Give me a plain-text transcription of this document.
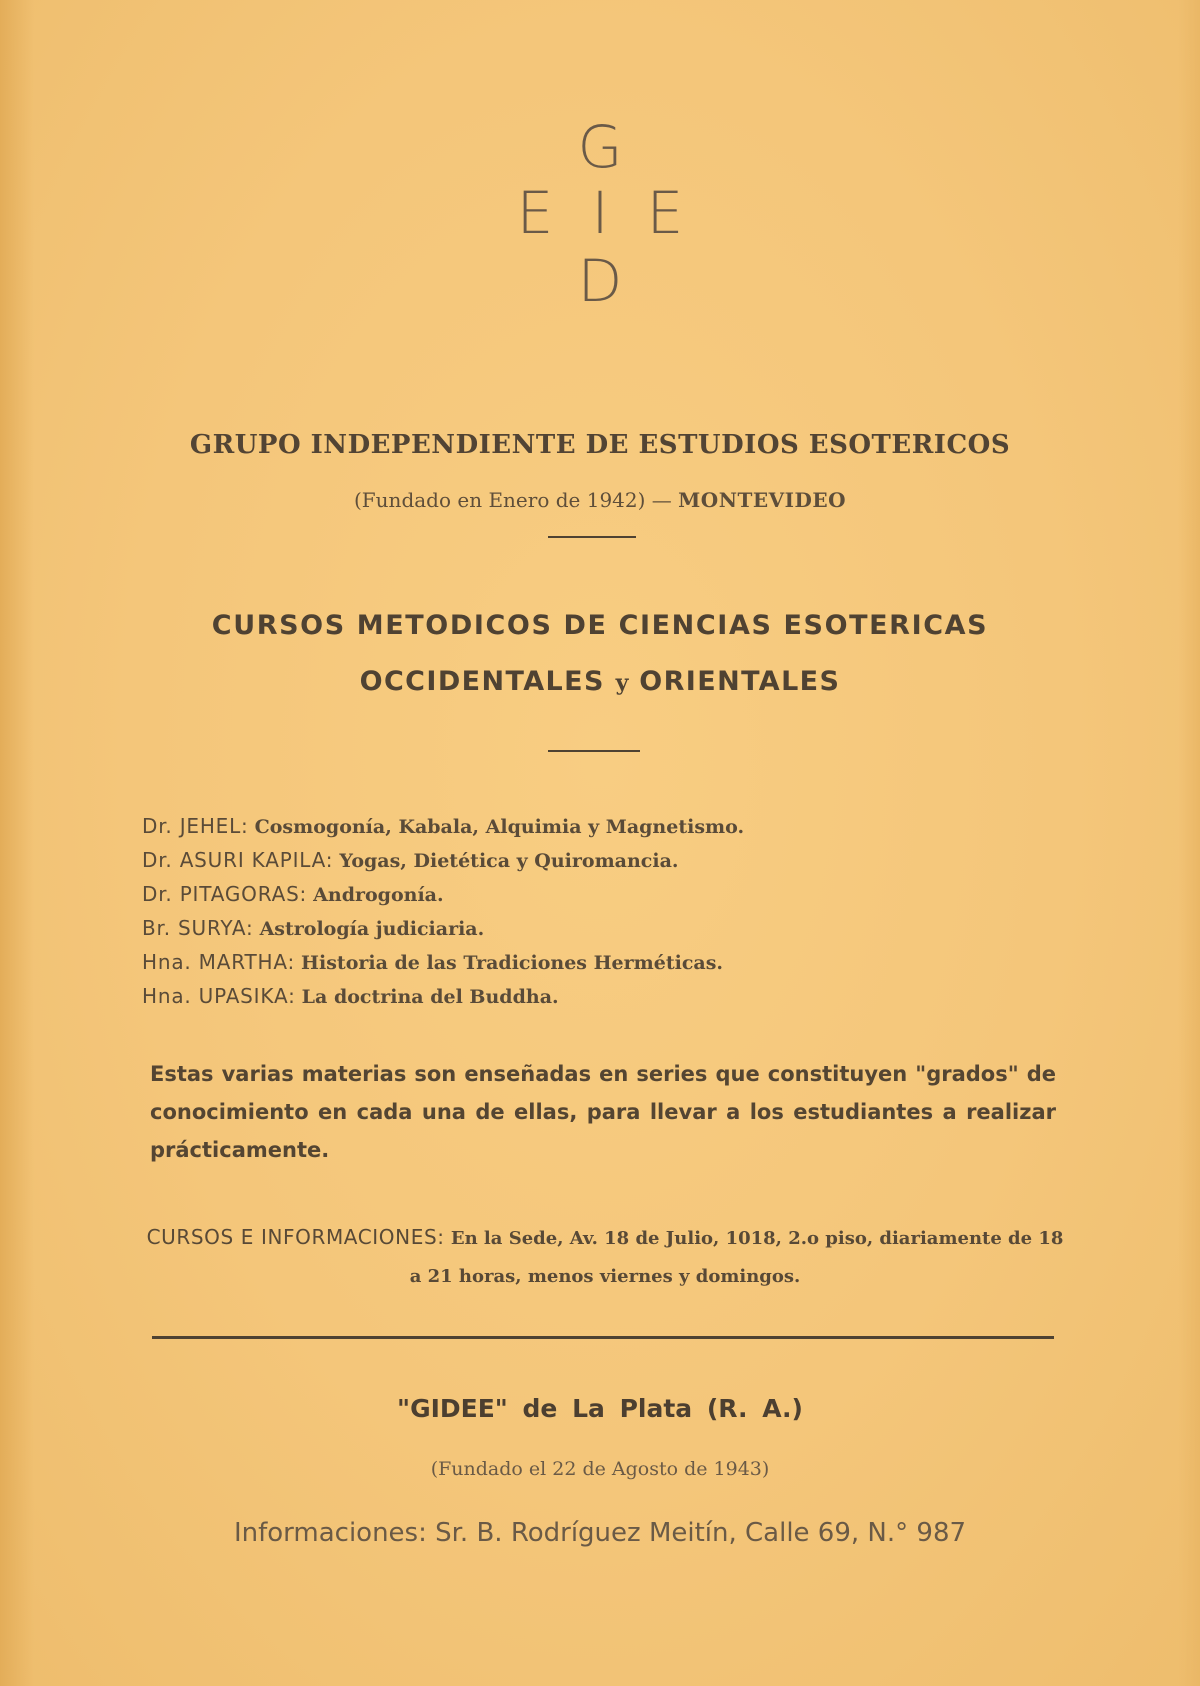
G
E I E
D
GRUPO INDEPENDIENTE DE ESTUDIOS ESOTERICOS
(Fundado en Enero de 1942) — MONTEVIDEO
CURSOS METODICOS DE CIENCIAS ESOTERICAS
OCCIDENTALES y ORIENTALES
Dr. JEHEL: Cosmogonía, Kabala, Alquimia y Magnetismo.
Dr. ASURI KAPILA: Yogas, Dietética y Quiromancia.
Dr. PITAGORAS: Androgonía.
Br. SURYA: Astrología judiciaria.
Hna. MARTHA: Historia de las Tradiciones Herméticas.
Hna. UPASIKA: La doctrina del Buddha.
Estas varias materias son enseñadas en series que constituyen "grados" de conocimiento en cada una de ellas, para llevar a los estudiantes a realizar prácticamente.
CURSOS E INFORMACIONES: En la Sede, Av. 18 de Julio, 1018, 2.o piso, diariamente de 18 a 21 horas, menos viernes y domingos.
"GIDEE" de La Plata (R. A.)
(Fundado el 22 de Agosto de 1943)
Informaciones: Sr. B. Rodríguez Meitín, Calle 69, N.° 987
